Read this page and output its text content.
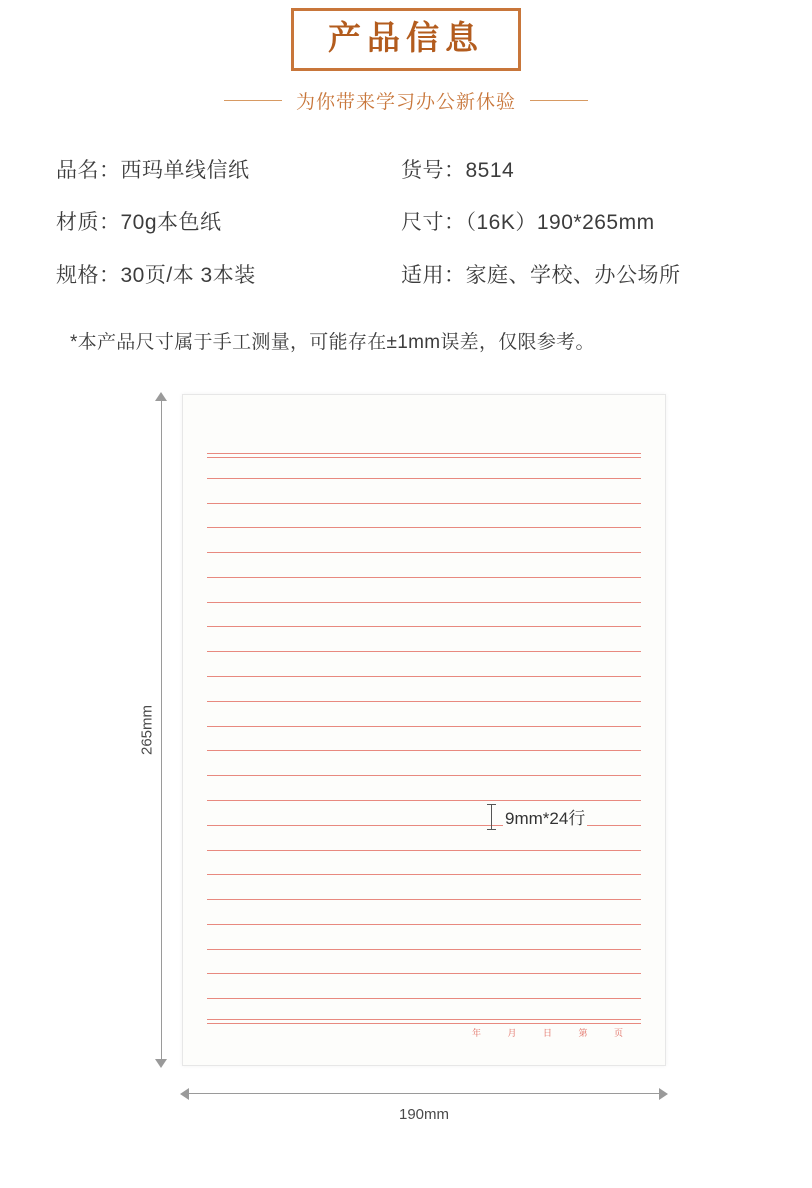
产品信息
为你带来学习办公新休验
品名：西玛单线信纸	货号：8514
材质：70g本色纸	尺寸：（16K）190*265mm
规格：30页/本 3本装	适用：家庭、学校、办公场所
*本产品尺寸属于手工测量，可能存在±1mm误差，仅限参考。
265mm
年 月 日 第 页
9mm*24行
190mm
